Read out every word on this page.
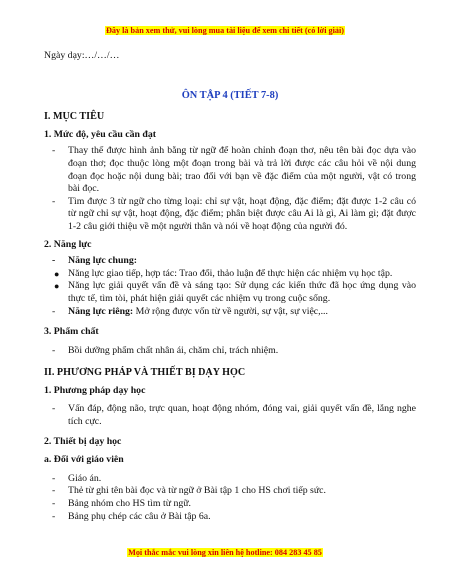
Đây là bản xem thử, vui lòng mua tài liệu để xem chi tiết (có lời giải)
Ngày dạy:…/…/…
ÔN TẬP 4 (TIẾT 7-8)
I. MỤC TIÊU
1. Mức độ, yêu cầu cần đạt
- Thay thế được hình ảnh bằng từ ngữ để hoàn chỉnh đoạn thơ, nêu tên bài đọc dựa vào đoạn thơ; đọc thuộc lòng một đoạn trong bài và trả lời được các câu hỏi về nội dung đoạn đọc hoặc nội dung bài; trao đổi với bạn về đặc điểm của một người, vật có trong bài đọc.
- Tìm được 3 từ ngữ cho từng loại: chỉ sự vật, hoạt động, đặc điểm; đặt được 1-2 câu có từ ngữ chỉ sự vật, hoạt động, đặc điểm; phân biệt được câu Ai là gì, Ai làm gì; đặt được 1-2 câu giới thiệu về một người thân và nói về hoạt động của người đó.
2. Năng lực
- Năng lực chung:
● Năng lực giao tiếp, hợp tác: Trao đổi, thảo luận để thực hiện các nhiệm vụ học tập.
● Năng lực giải quyết vấn đề và sáng tạo: Sử dụng các kiến thức đã học ứng dụng vào thực tế, tìm tòi, phát hiện giải quyết các nhiệm vụ trong cuộc sống.
- Năng lực riêng: Mở rộng được vốn từ về người, sự vật, sự việc,...
3. Phẩm chất
- Bồi dưỡng phẩm chất nhân ái, chăm chỉ, trách nhiệm.
II. PHƯƠNG PHÁP VÀ THIẾT BỊ DẠY HỌC
1. Phương pháp dạy học
- Vấn đáp, động não, trực quan, hoạt động nhóm, đóng vai, giải quyết vấn đề, lắng nghe tích cực.
2. Thiết bị dạy học
a. Đối với giáo viên
- Giáo án.
- Thẻ từ ghi tên bài đọc và từ ngữ ở Bài tập 1 cho HS chơi tiếp sức.
- Bảng nhóm cho HS tìm từ ngữ.
- Bảng phụ chép các câu ở Bài tập 6a.
Mọi thắc mắc vui lòng xin liên hệ hotline: 084 283 45 85
